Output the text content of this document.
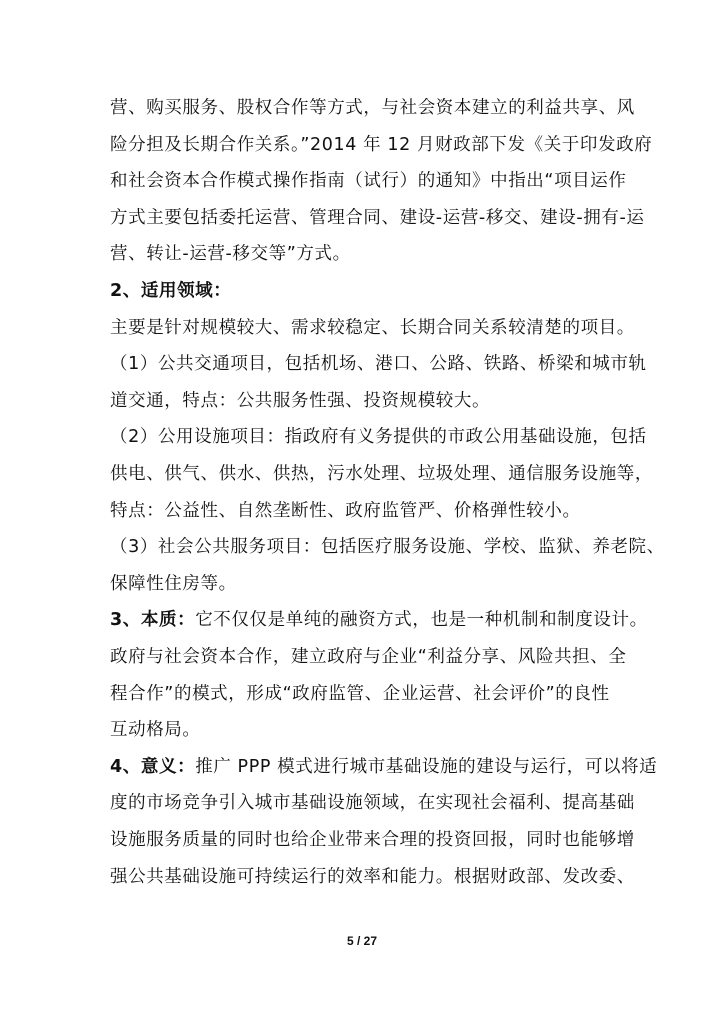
营、购买服务、股权合作等方式，与社会资本建立的利益共享、风
险分担及长期合作关系。”2014 年 12 月财政部下发《关于印发政府
和社会资本合作模式操作指南（试行）的通知》中指出“项目运作
方式主要包括委托运营、管理合同、建设-运营-移交、建设-拥有-运
营、转让-运营-移交等”方式。
2、适用领域：
主要是针对规模较大、需求较稳定、长期合同关系较清楚的项目。
（1）公共交通项目，包括机场、港口、公路、铁路、桥梁和城市轨
道交通，特点：公共服务性强、投资规模较大。
（2）公用设施项目：指政府有义务提供的市政公用基础设施，包括
供电、供气、供水、供热，污水处理、垃圾处理、通信服务设施等，
特点：公益性、自然垄断性、政府监管严、价格弹性较小。
（3）社会公共服务项目：包括医疗服务设施、学校、监狱、养老院、
保障性住房等。
3、本质：它不仅仅是单纯的融资方式，也是一种机制和制度设计。
政府与社会资本合作，建立政府与企业“利益分享、风险共担、全
程合作”的模式，形成“政府监管、企业运营、社会评价”的良性
互动格局。
4、意义：推广 PPP 模式进行城市基础设施的建设与运行，可以将适
度的市场竞争引入城市基础设施领域，在实现社会福利、提高基础
设施服务质量的同时也给企业带来合理的投资回报，同时也能够增
强公共基础设施可持续运行的效率和能力。根据财政部、发改委、
5 / 27
